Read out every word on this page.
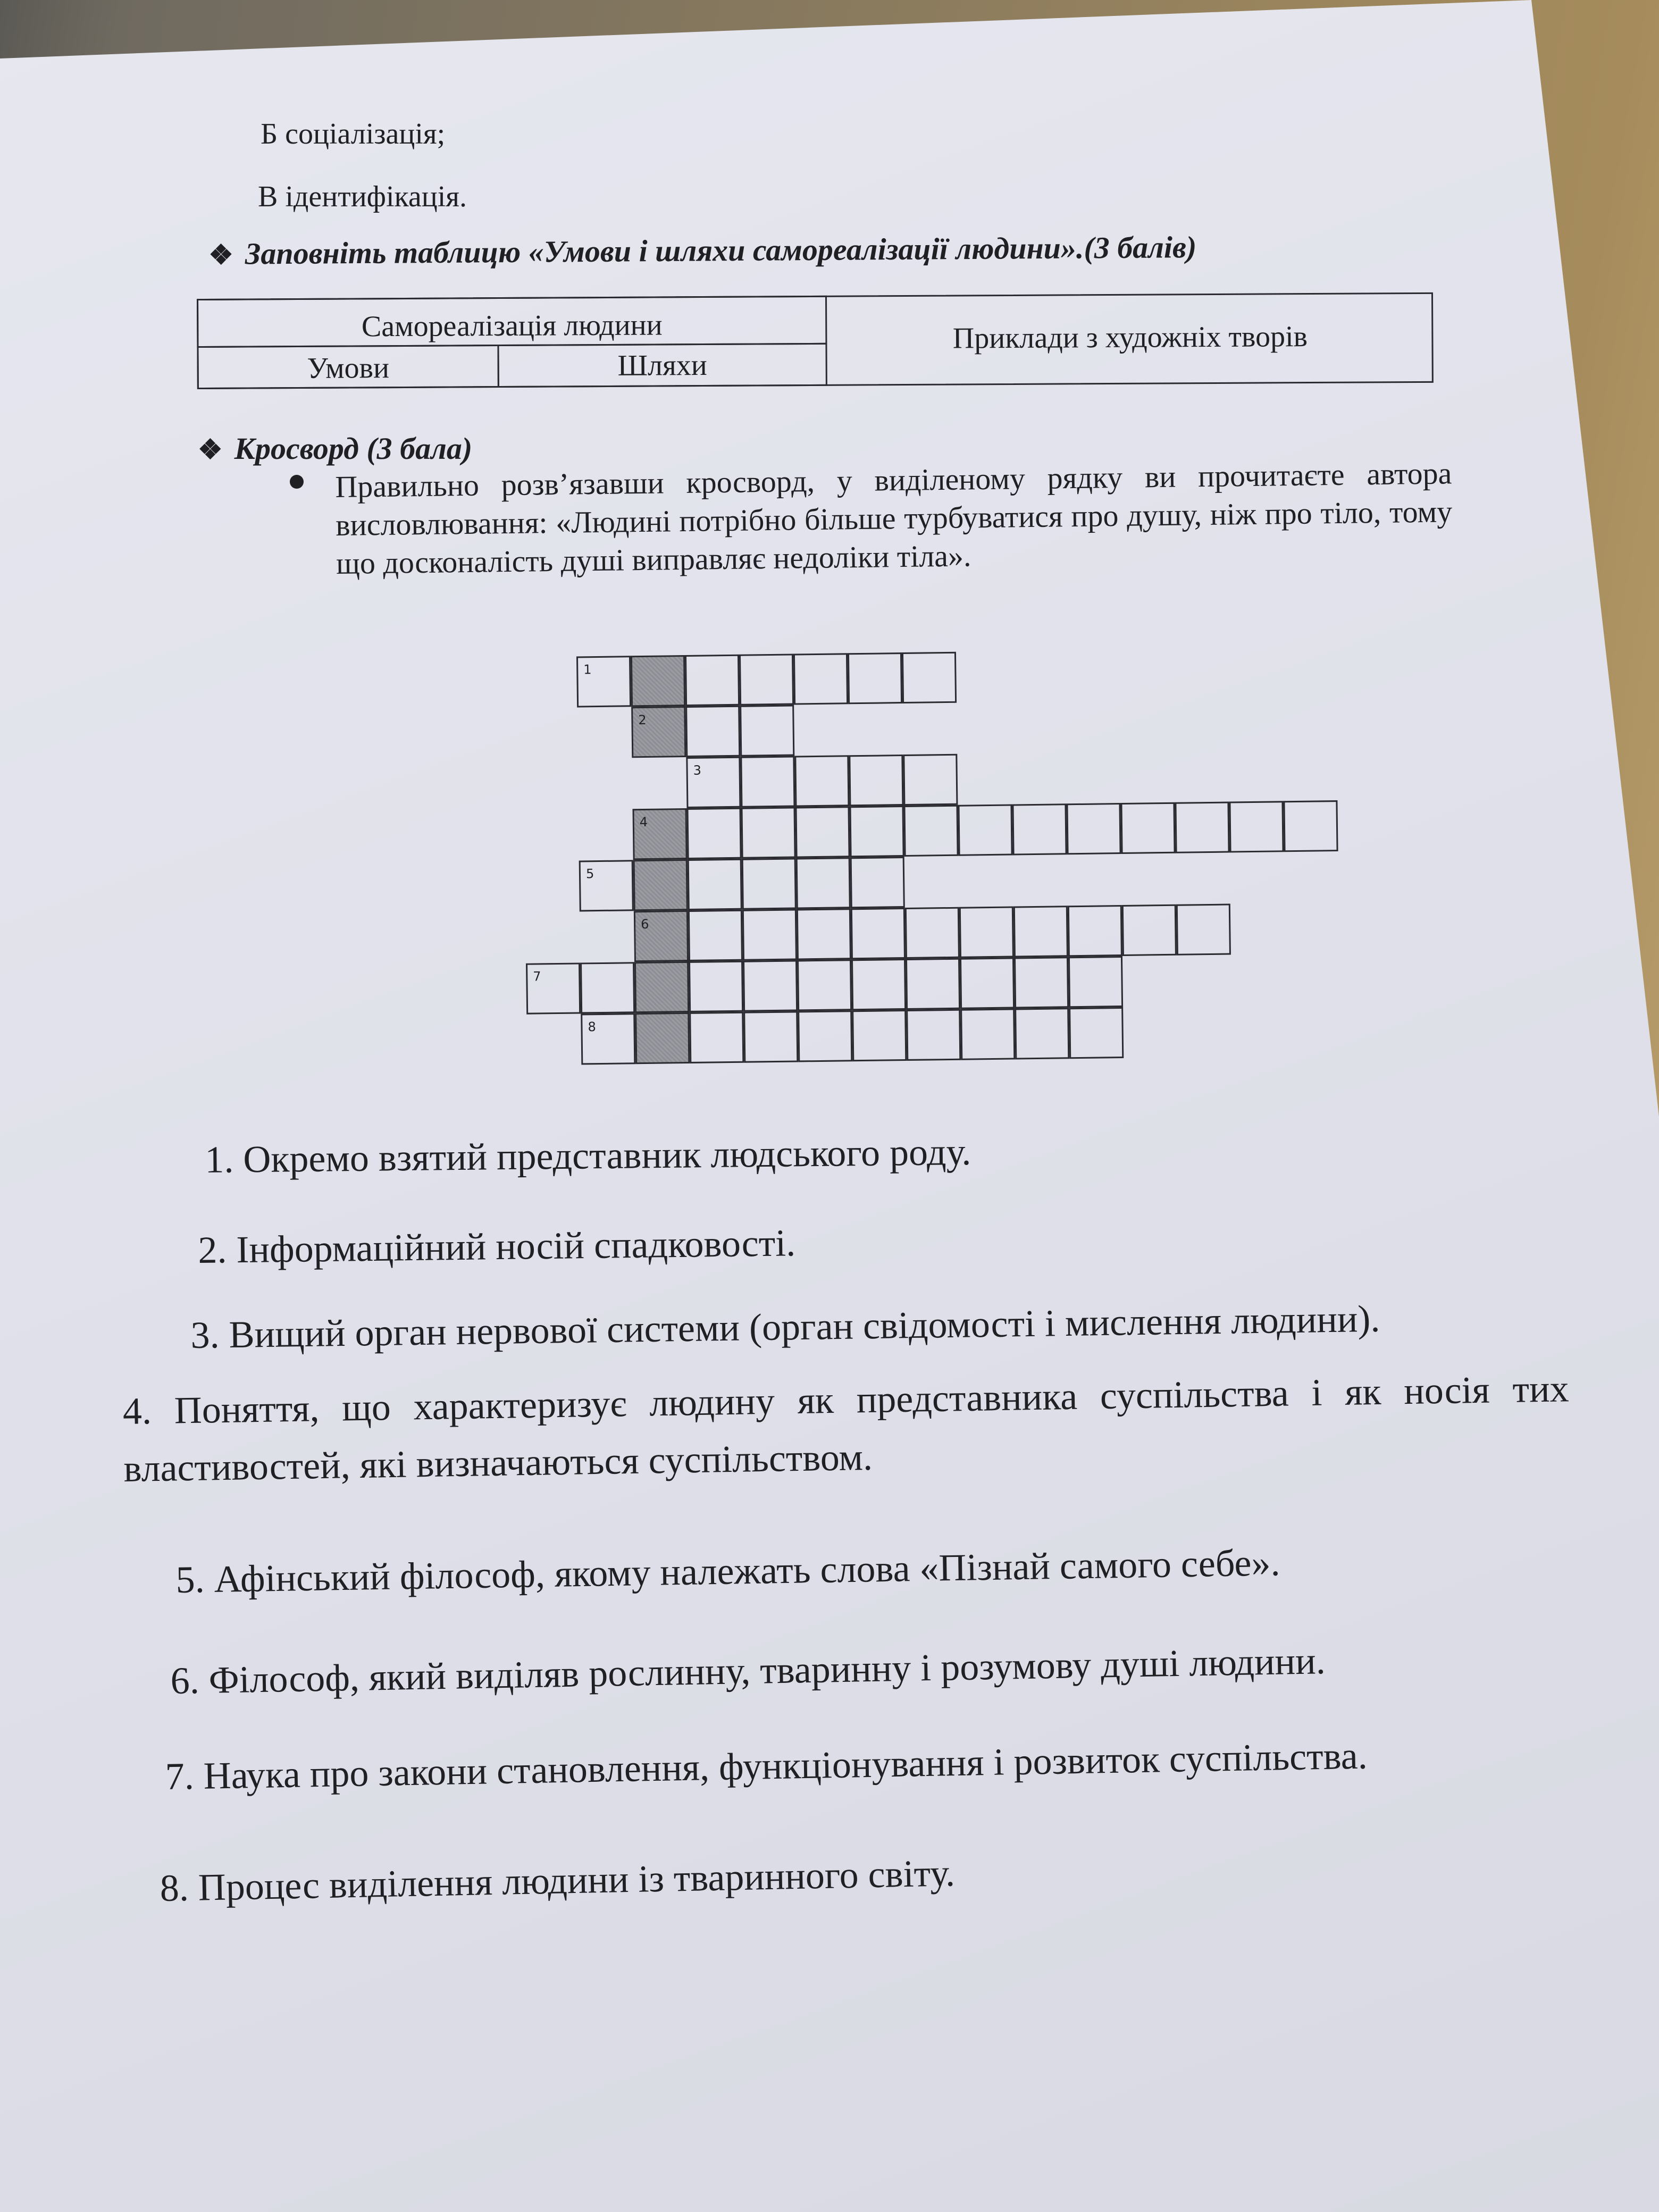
Б соціалізація;
В ідентифікація.
❖ Заповніть таблицю «Умови і шляхи самореалізації людини».(3 балів)
Самореалізація людини
Умови	Шляхи
Приклади з художніх творів
❖ Кросворд (3 бала)
Правильно розв’язавши кросворд, у виділеному рядку ви прочитаєте автора висловлювання: «Людині потрібно більше турбуватися про душу, ніж про тіло, тому що досконалість душі виправляє недоліки тіла».
1
2
3
4
5
6
7
8
1. Окремо взятий представник людського роду.
2. Інформаційний носій спадковості.
3. Вищий орган нервової системи (орган свідомості і мислення людини).
4. Поняття, що характеризує людину як представника суспільства і як носія тих властивостей, які визначаються суспільством.
5. Афінський філософ, якому належать слова «Пізнай самого себе».
6. Філософ, який виділяв рослинну, тваринну і розумову душі людини.
7. Наука про закони становлення, функціонування і розвиток суспільства.
8. Процес виділення людини із тваринного світу.
